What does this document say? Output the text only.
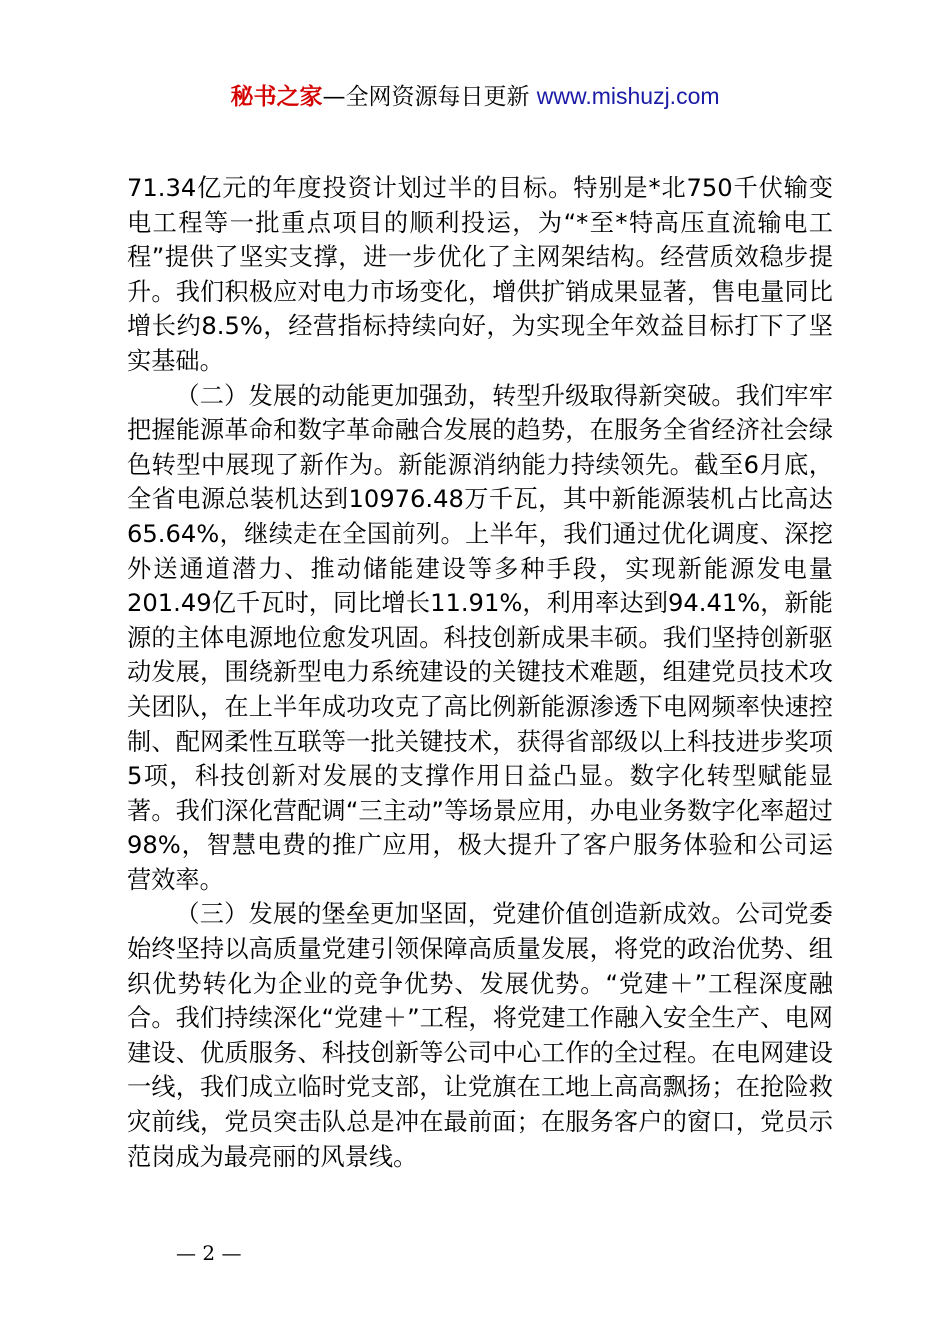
秘书之家—全网资源每日更新 www.mishuzj.com

71.34亿元的年度投资计划过半的目标。特别是*北750千伏输变电工程等一批重点项目的顺利投运，为“*至*特高压直流输电工程”提供了坚实支撑，进一步优化了主网架结构。经营质效稳步提升。我们积极应对电力市场变化，增供扩销成果显著，售电量同比增长约8.5%，经营指标持续向好，为实现全年效益目标打下了坚实基础。

（二）发展的动能更加强劲，转型升级取得新突破。我们牢牢把握能源革命和数字革命融合发展的趋势，在服务全省经济社会绿色转型中展现了新作为。新能源消纳能力持续领先。截至6月底，全省电源总装机达到10976.48万千瓦，其中新能源装机占比高达65.64%，继续走在全国前列。上半年，我们通过优化调度、深挖外送通道潜力、推动储能建设等多种手段，实现新能源发电量201.49亿千瓦时，同比增长11.91%，利用率达到94.41%，新能源的主体电源地位愈发巩固。科技创新成果丰硕。我们坚持创新驱动发展，围绕新型电力系统建设的关键技术难题，组建党员技术攻关团队，在上半年成功攻克了高比例新能源渗透下电网频率快速控制、配网柔性互联等一批关键技术，获得省部级以上科技进步奖项5项，科技创新对发展的支撑作用日益凸显。数字化转型赋能显著。我们深化营配调“三主动”等场景应用，办电业务数字化率超过98%，智慧电费的推广应用，极大提升了客户服务体验和公司运营效率。

（三）发展的堡垒更加坚固，党建价值创造新成效。公司党委始终坚持以高质量党建引领保障高质量发展，将党的政治优势、组织优势转化为企业的竞争优势、发展优势。“党建＋”工程深度融合。我们持续深化“党建＋”工程，将党建工作融入安全生产、电网建设、优质服务、科技创新等公司中心工作的全过程。在电网建设一线，我们成立临时党支部，让党旗在工地上高高飘扬；在抢险救灾前线，党员突击队总是冲在最前面；在服务客户的窗口，党员示范岗成为最亮丽的风景线。

— 2 —
